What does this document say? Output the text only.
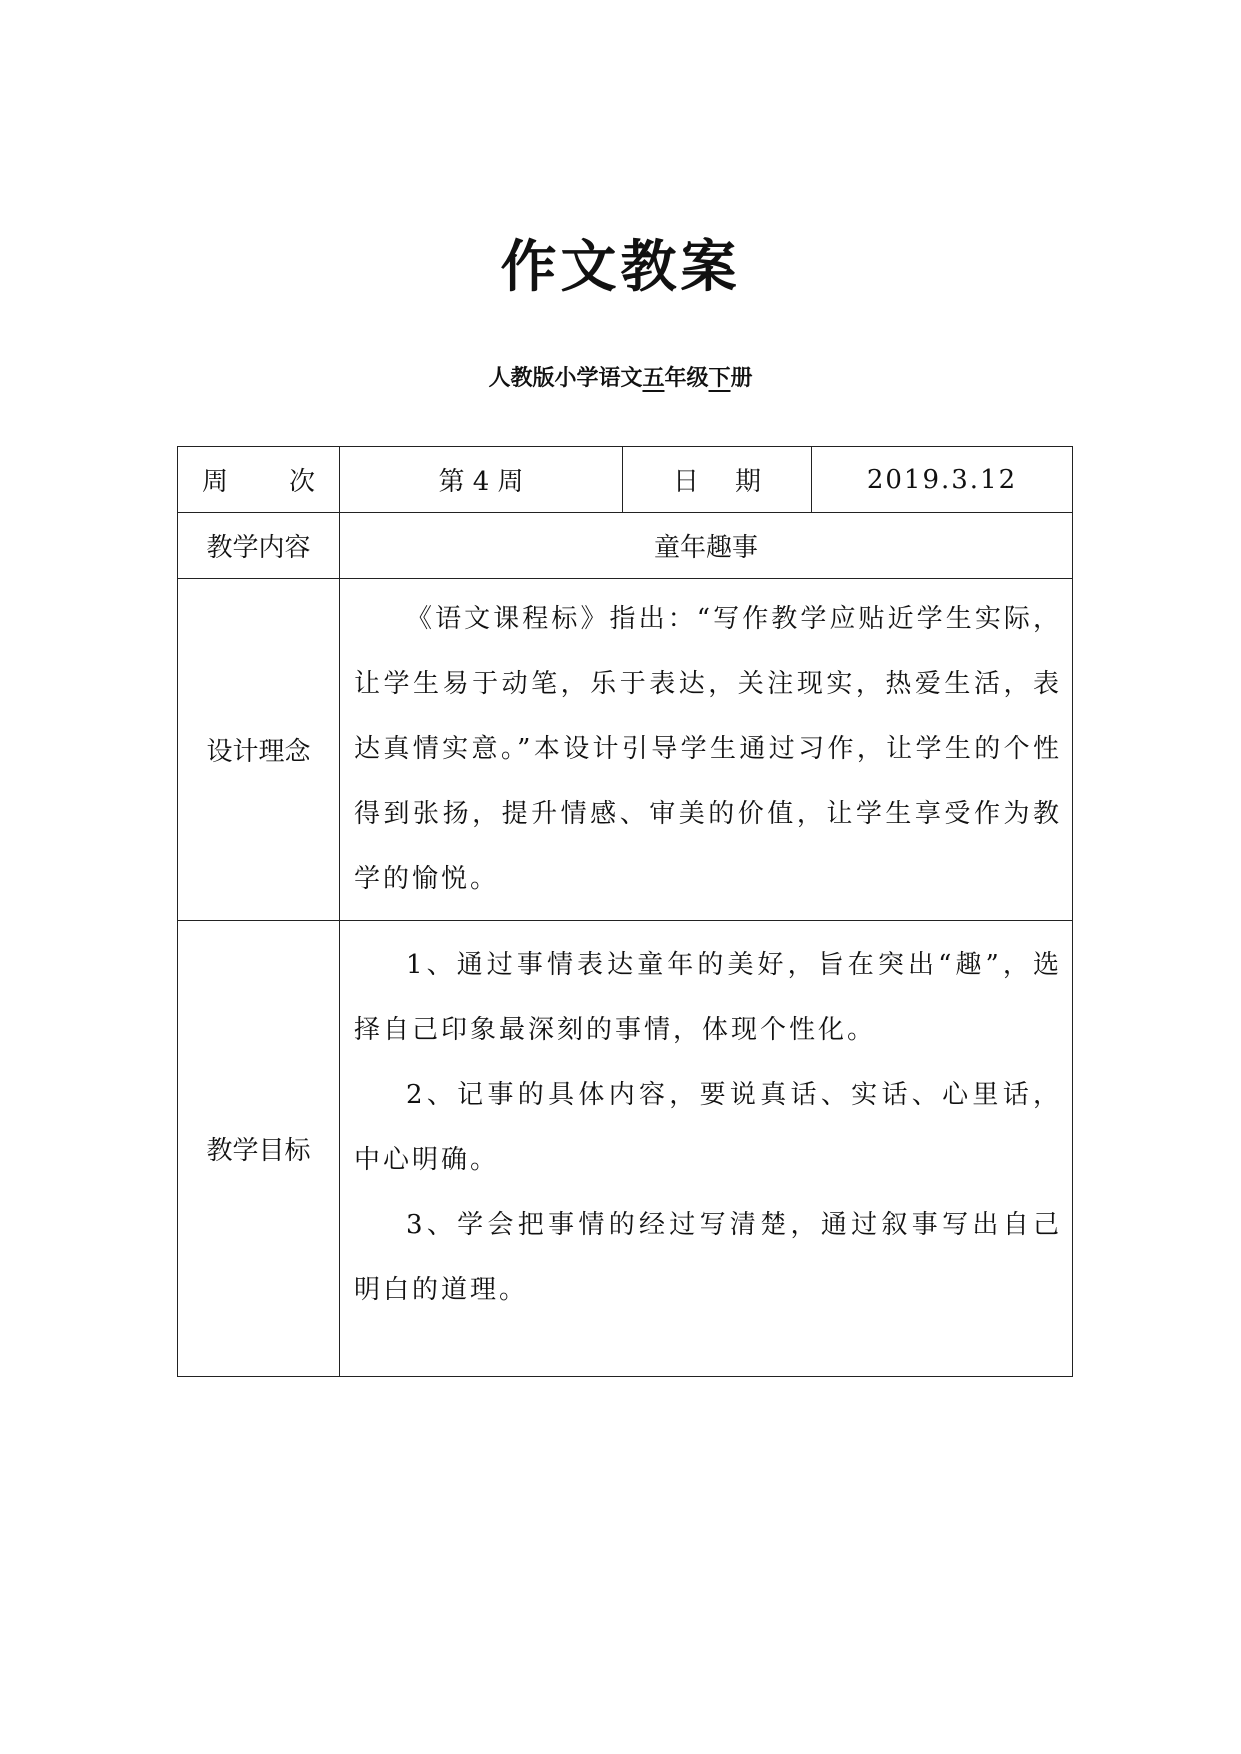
作文教案
人教版小学语文五年级下册
周 次	第 4 周	日 期	2019.3.12
教学内容	童年趣事		
设计理念	《语文课程标》指出：“写作教学应贴近学生实际，让学生易于动笔，乐于表达，关注现实，热爱生活，表达真情实意。”本设计引导学生通过习作，让学生的个性得到张扬，提升情感、审美的价值，让学生享受作为教学的愉悦。		

教学目标	1、通过事情表达童年的美好，旨在突出“趣”，选择自己印象最深刻的事情，体现个性化。

2、记事的具体内容，要说真话、实话、心里话，中心明确。

3、学会把事情的经过写清楚，通过叙事写出自己明白的道理。		
